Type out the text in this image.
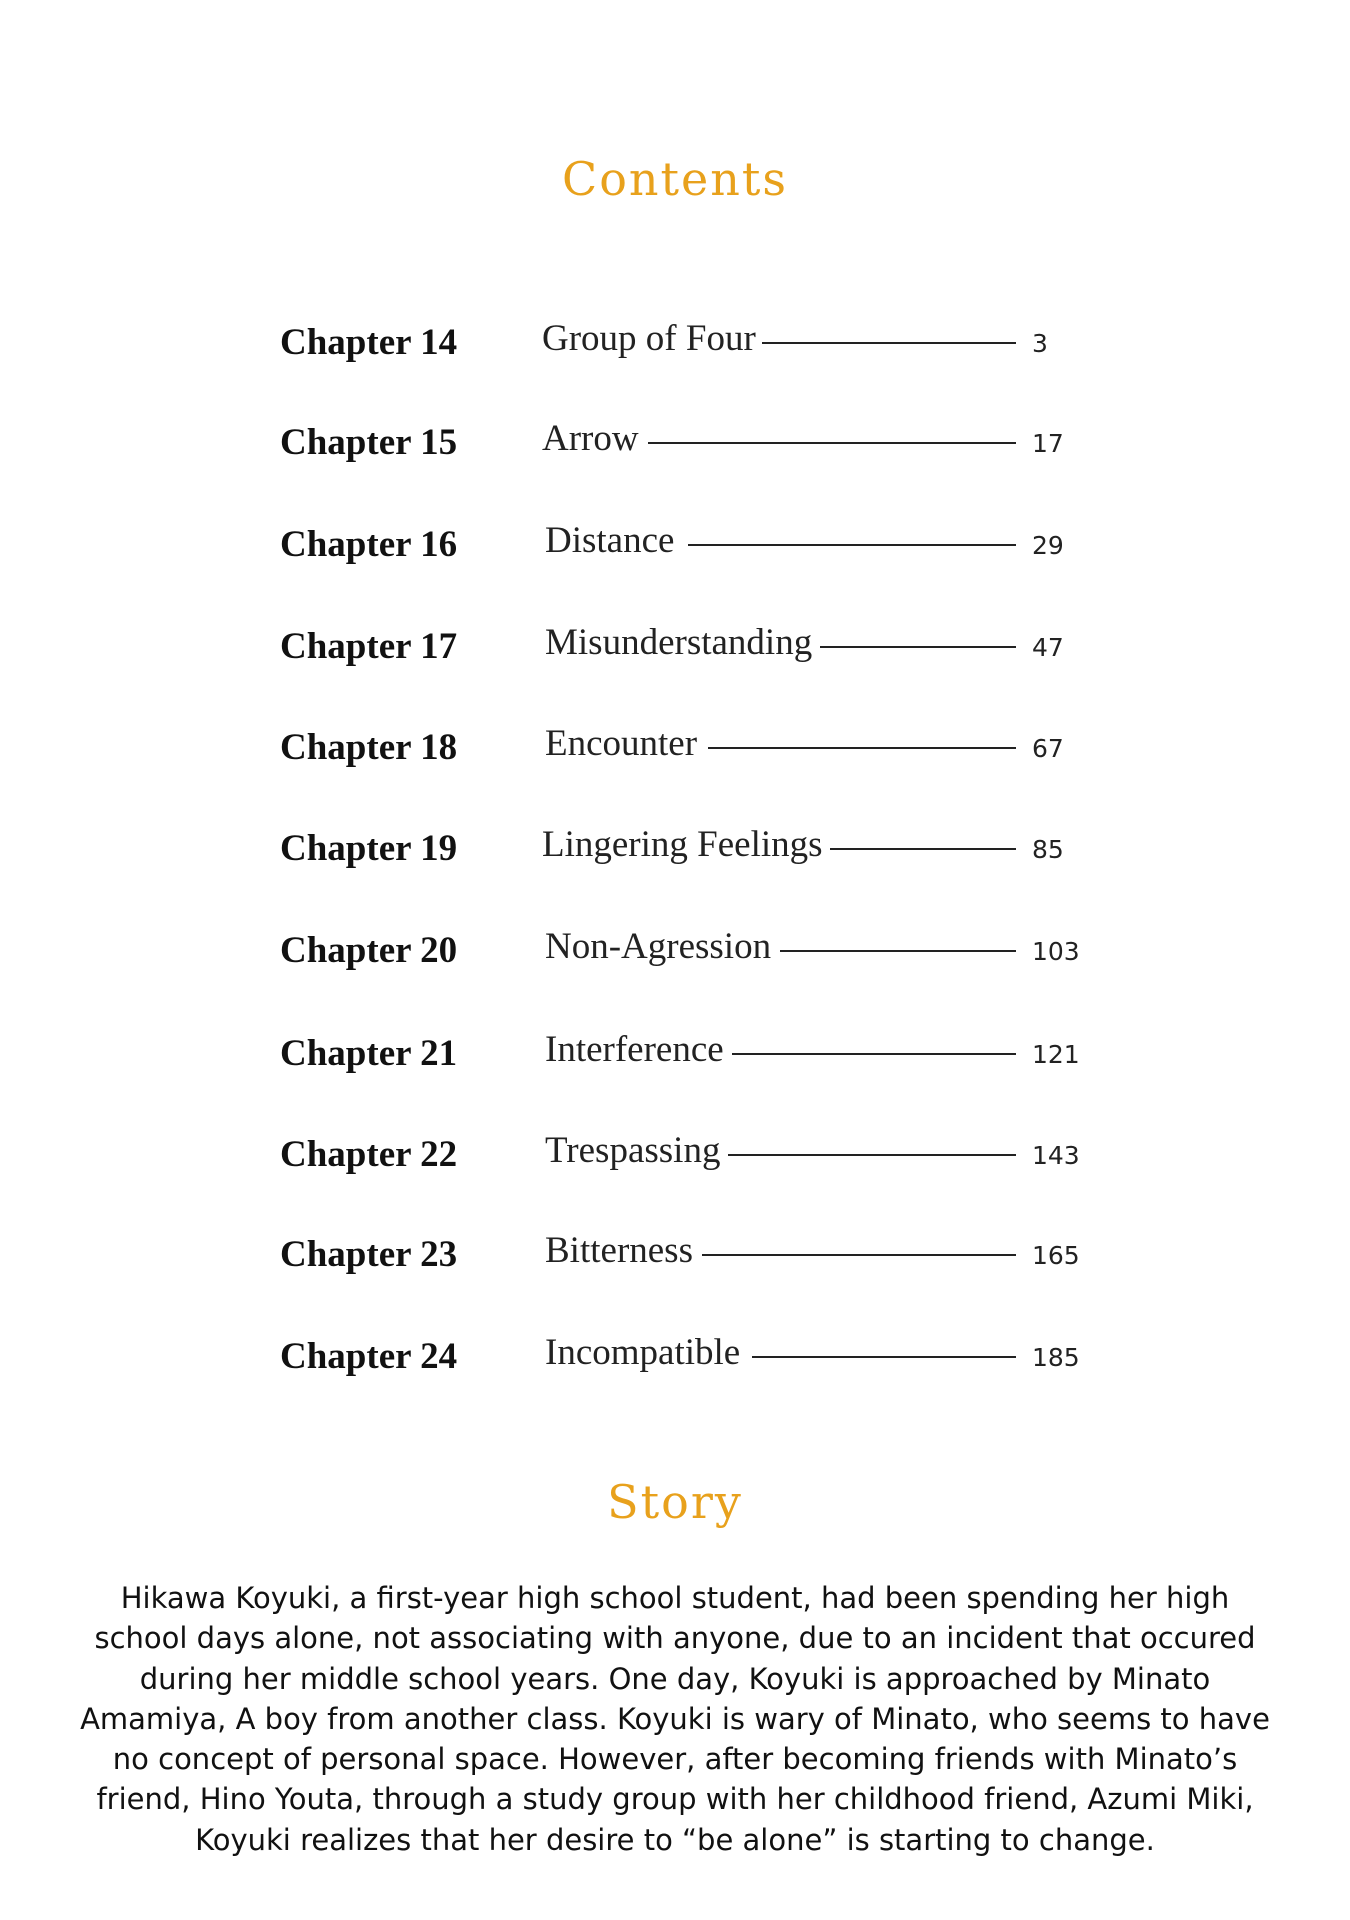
Contents
Chapter 14 Group of Four	3
Chapter 15 Arrow	17
Chapter 16 Distance	29
Chapter 17 Misunderstanding	47
Chapter 18 Encounter	67
Chapter 19 Lingering Feelings	85
Chapter 20 Non-Agression	103
Chapter 21 Interference	121
Chapter 22 Trespassing	143
Chapter 23 Bitterness	165
Chapter 24 Incompatible	185
Story

Hikawa Koyuki, a first-year high school student, had been spending her high school days alone, not associating with anyone, due to an incident that occured during her middle school years. One day, Koyuki is approached by Minato Amamiya, A boy from another class. Koyuki is wary of Minato, who seems to have no concept of personal space. However, after becoming friends with Minato’s friend, Hino Youta, through a study group with her childhood friend, Azumi Miki, Koyuki realizes that her desire to “be alone” is starting to change.
